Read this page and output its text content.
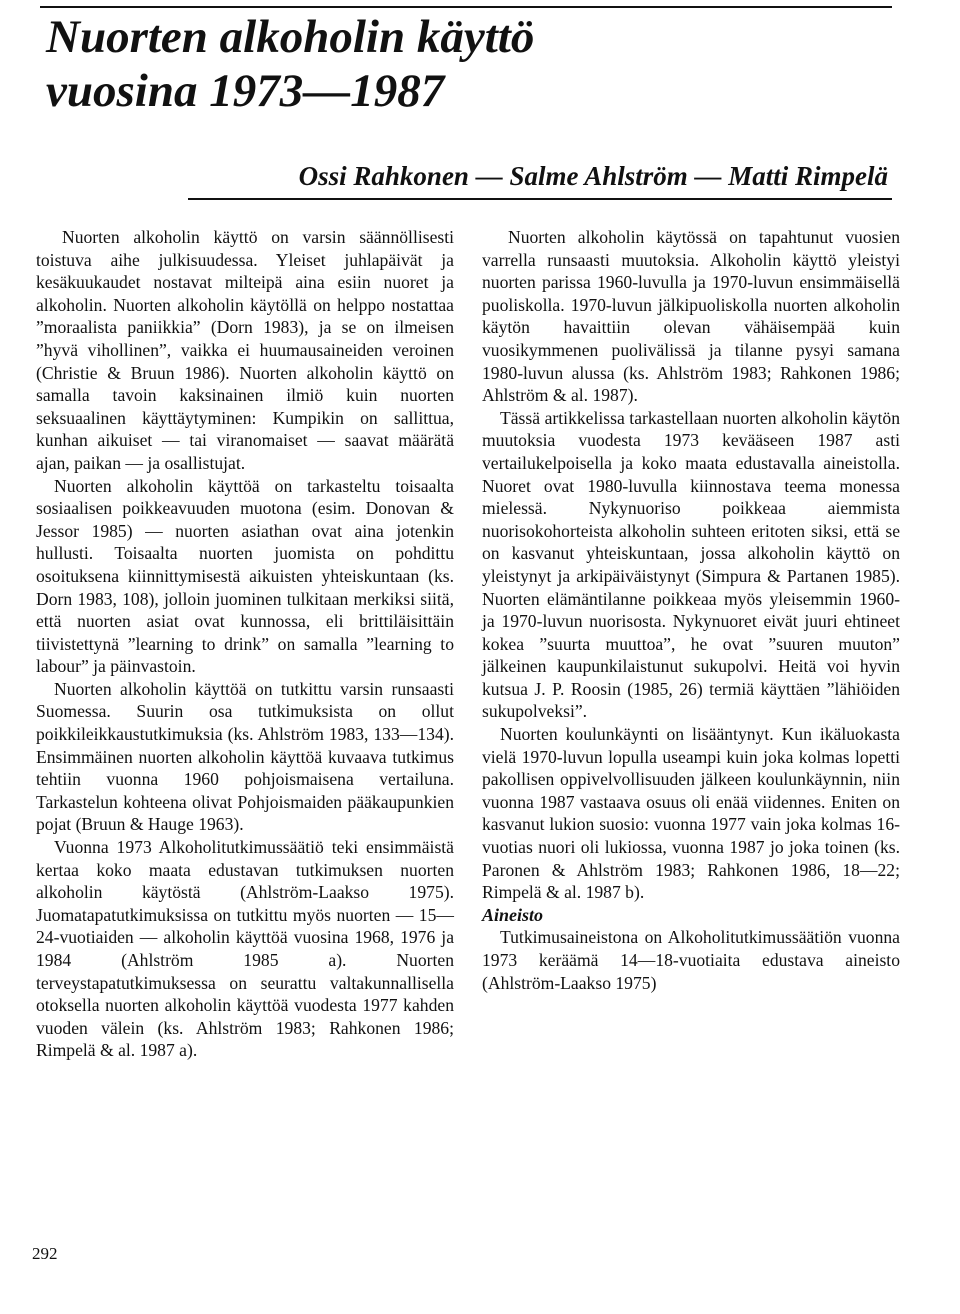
Nuorten alkoholin käyttö
vuosina 1973—1987
Ossi Rahkonen — Salme Ahlström — Matti Rimpelä

Nuorten alkoholin käyttö on varsin säännöllisesti toistuva aihe julkisuudessa. Yleiset juhlapäivät ja kesäkuukaudet nostavat milteipä aina esiin nuoret ja alkoholin. Nuorten alkoholin käytöllä on helppo nostattaa ”moraalista paniikkia” (Dorn 1983), ja se on ilmeisen ”hyvä vihollinen”, vaikka ei huumausaineiden veroinen (Christie & Bruun 1986). Nuorten alkoholin käyttö on samalla tavoin kaksinainen ilmiö kuin nuorten seksuaalinen käyttäytyminen: Kumpikin on sallittua, kunhan aikuiset — tai viranomaiset — saavat määrätä ajan, paikan — ja osallistujat.

Nuorten alkoholin käyttöä on tarkasteltu toisaalta sosiaalisen poikkeavuuden muotona (esim. Donovan & Jessor 1985) — nuorten asiathan ovat aina jotenkin hullusti. Toisaalta nuorten juomista on pohdittu osoituksena kiinnittymisestä aikuisten yhteiskuntaan (ks. Dorn 1983, 108), jolloin juominen tulkitaan merkiksi siitä, että nuorten asiat ovat kunnossa, eli brittiläisittäin tiivistettynä ”learning to drink” on samalla ”learning to labour” ja päinvastoin.

Nuorten alkoholin käyttöä on tutkittu varsin runsaasti Suomessa. Suurin osa tutkimuksista on ollut poikkileikkaustutkimuksia (ks. Ahlström 1983, 133—134). Ensimmäinen nuorten alkoholin käyttöä kuvaava tutkimus tehtiin vuonna 1960 pohjoismaisena vertailuna. Tarkastelun kohteena olivat Pohjoismaiden pääkaupunkien pojat (Bruun & Hauge 1963).

Vuonna 1973 Alkoholitutkimussäätiö teki ensimmäistä kertaa koko maata edustavan tutkimuksen nuorten alkoholin käytöstä (Ahlström-Laakso 1975). Juomatapatutkimuksissa on tutkittu myös nuorten — 15—24-vuotiaiden — alkoholin käyttöä vuosina 1968, 1976 ja 1984 (Ahlström 1985 a). Nuorten terveystapatutkimuksessa on seurattu valtakunnallisella otoksella nuorten alkoholin käyttöä vuodesta 1977 kahden vuoden välein (ks. Ahlström 1983; Rahkonen 1986; Rimpelä & al. 1987 a).

Nuorten alkoholin käytössä on tapahtunut vuosien varrella runsaasti muutoksia. Alkoholin käyttö yleistyi nuorten parissa 1960-luvulla ja 1970-luvun ensimmäisellä puoliskolla. 1970-luvun jälkipuoliskolla nuorten alkoholin käytön havaittiin olevan vähäisempää kuin vuosikymmenen puolivälissä ja tilanne pysyi samana 1980-luvun alussa (ks. Ahlström 1983; Rahkonen 1986; Ahlström & al. 1987).

Tässä artikkelissa tarkastellaan nuorten alkoholin käytön muutoksia vuodesta 1973 kevääseen 1987 asti vertailukelpoisella ja koko maata edustavalla aineistolla. Nuoret ovat 1980-luvulla kiinnostava teema monessa mielessä. Nykynuoriso poikkeaa aiemmista nuorisokohorteista alkoholin suhteen eritoten siksi, että se on kasvanut yhteiskuntaan, jossa alkoholin käyttö on yleistynyt ja arkipäiväistynyt (Simpura & Partanen 1985). Nuorten elämäntilanne poikkeaa myös yleisemmin 1960- ja 1970-luvun nuorisosta. Nykynuoret eivät juuri ehtineet kokea ”suurta muuttoa”, he ovat ”suuren muuton” jälkeinen kaupunkilaistunut sukupolvi. Heitä voi hyvin kutsua J. P. Roosin (1985, 26) termiä käyttäen ”lähiöiden sukupolveksi”.

Nuorten koulunkäynti on lisääntynyt. Kun ikäluokasta vielä 1970-luvun lopulla useampi kuin joka kolmas lopetti pakollisen oppivelvollisuuden jälkeen koulunkäynnin, niin vuonna 1987 vastaava osuus oli enää viidennes. Eniten on kasvanut lukion suosio: vuonna 1977 vain joka kolmas 16-vuotias nuori oli lukiossa, vuonna 1987 jo joka toinen (ks. Paronen & Ahlström 1983; Rahkonen 1986, 18—22; Rimpelä & al. 1987 b).

Aineisto

Tutkimusaineistona on Alkoholitutkimussäätiön vuonna 1973 keräämä 14—18-vuotiaita edustava aineisto (Ahlström-Laakso 1975)

292
